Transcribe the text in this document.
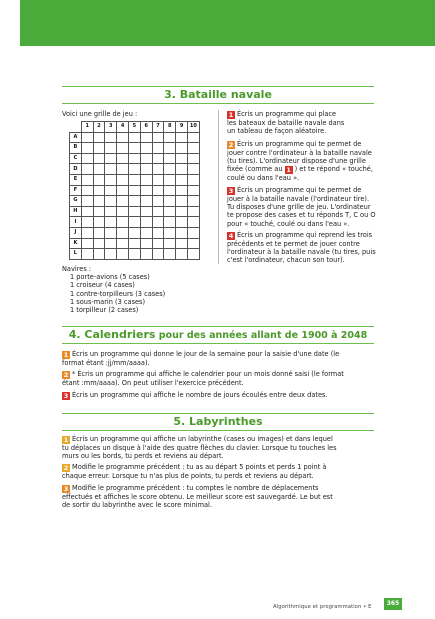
3. Bataille navale
Voici une grille de jeu :
	1	2	3	4	5	6	7	8	9	10
A										
B										
C										
D										
E										
F										
G										
H										
I										
J										
K										
L										
Navires :
1 porte-avions (5 cases)
1 croiseur (4 cases)
1 contre-torpilleurs (3 cases)
1 sous-marin (3 cases)
1 torpilleur (2 cases)
1 Écris un programme qui place
les bateaux de bataille navale dans
un tableau de façon aléatoire.
2 Écris un programme qui te permet de
jouer contre l'ordinateur à la bataille navale
(tu tires). L'ordinateur dispose d'une grille
fixée (comme au 1 ) et te répond « touché,
coulé ou dans l'eau ».
3 Écris un programme qui te permet de
jouer à la bataille navale (l'ordinateur tire).
Tu disposes d'une grille de jeu. L'ordinateur
te propose des cases et tu réponds T, C ou O
pour « touché, coulé ou dans l'eau ».
4 Écris un programme qui reprend les trois
précédents et te permet de jouer contre
l'ordinateur à la bataille navale (tu tires, puis
c'est l'ordinateur, chacun son tour).
4. Calendriers pour des années allant de 1900 à 2048
1 Écris un programme qui donne le jour de la semaine pour la saisie d'une date (le
format étant :jj/mm/aaaa).
2 * Écris un programme qui affiche le calendrier pour un mois donné saisi (le format
étant :mm/aaaa). On peut utiliser l'exercice précédent.
3 Écris un programme qui affiche le nombre de jours écoulés entre deux dates.
5. Labyrinthes
1 Écris un programme qui affiche un labyrinthe (cases ou images) et dans lequel
tu déplaces un disque à l'aide des quatre flèches du clavier. Lorsque tu touches les
murs ou les bords, tu perds et reviens au départ.
2 Modifie le programme précédent : tu as au départ 5 points et perds 1 point à
chaque erreur. Lorsque tu n'as plus de points, tu perds et reviens au départ.
3 Modifie le programme précédent : tu comptes le nombre de déplacements
effectués et affiches le score obtenu. Le meilleur score est sauvegardé. Le but est
de sortir du labyrinthe avec le score minimal.
Algorithmique et programmation • E	365
